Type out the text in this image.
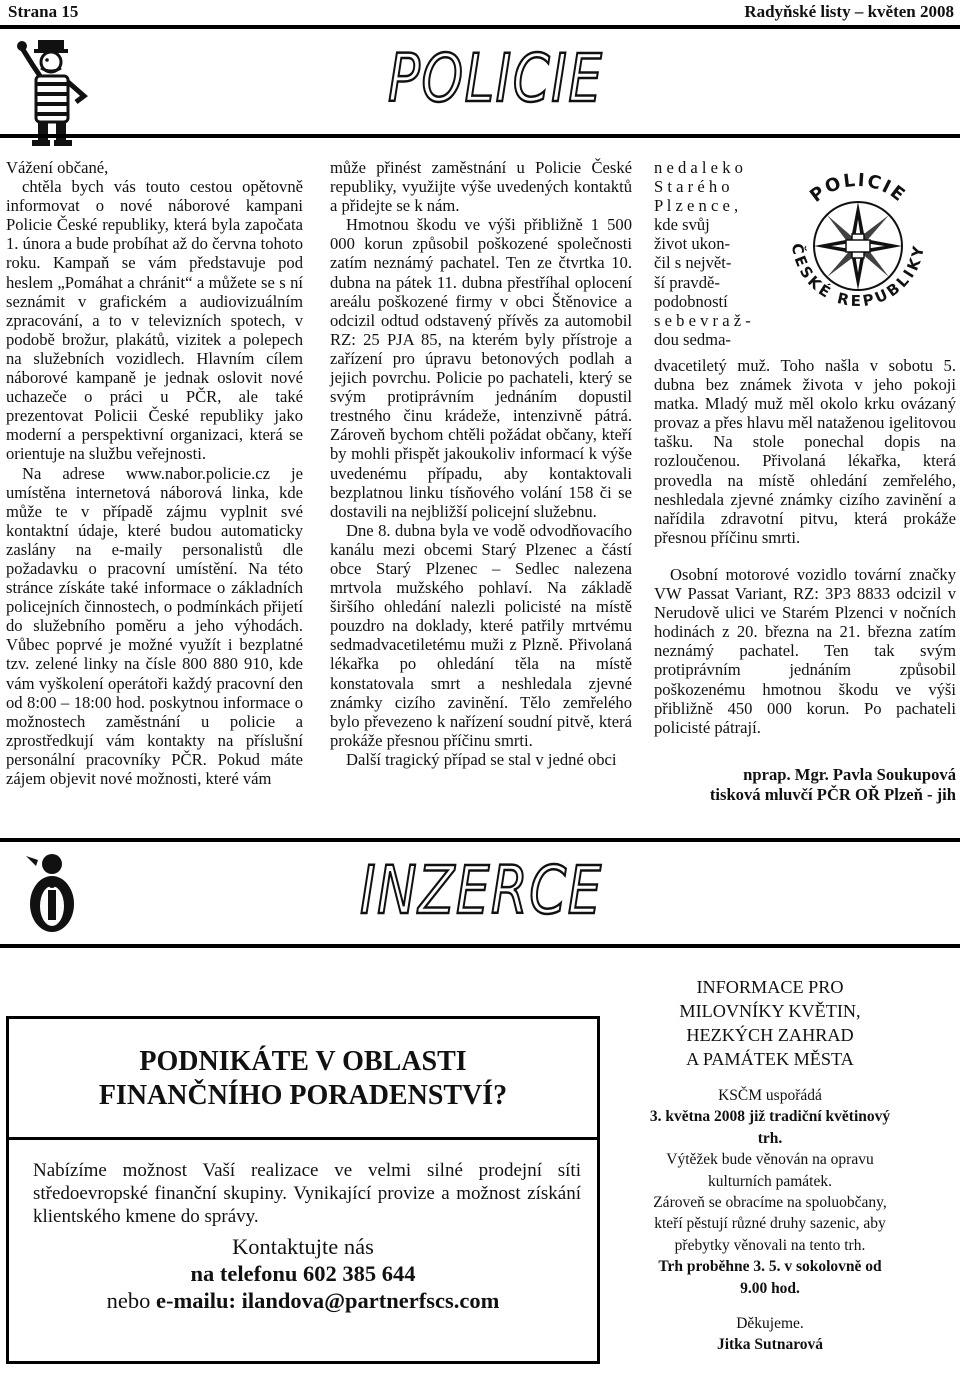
Strana 15	Radyňské listy – květen 2008
POLICIE

Vážení občané,

chtěla bych vás touto cestou opětovně informovat o nové náborové kampani Policie České republiky, která byla započata 1. února a bude probíhat až do června tohoto roku. Kampaň se vám představuje pod heslem „Pomáhat a chránit“ a můžete se s ní seznámit v grafickém a audiovizuálním zpracování, a to v televizních spotech, v podobě brožur, plakátů, vizitek a polepech na služebních vozidlech. Hlavním cílem náborové kampaně je jednak oslovit nové uchazeče o práci u PČR, ale také prezentovat Policii České republiky jako moderní a perspektivní organizaci, která se orientuje na službu veřejnosti.

Na adrese www.nabor.policie.cz je umístěna internetová náborová linka, kde může te v případě zájmu vyplnit své kontaktní údaje, které budou automaticky zaslány na e-maily personalistů dle požadavku o pracovní umístění. Na této stránce získáte také informace o základních policejních činnostech, o podmínkách přijetí do služebního poměru a jeho výhodách. Vůbec poprvé je možné využít i bezplatné tzv. zelené linky na čísle 800 880 910, kde vám vyškolení operátoři každý pracovní den od 8:00 – 18:00 hod. poskytnou informace o možnostech zaměstnání u policie a zprostředkují vám kontakty na příslušní personální pracovníky PČR. Pokud máte zájem objevit nové možnosti, které vám

může přinést zaměstnání u Policie České republiky, využijte výše uvedených kontaktů a přidejte se k nám.

Hmotnou škodu ve výši přibližně 1 500 000 korun způsobil poškozené společnosti zatím neznámý pachatel. Ten ze čtvrtka 10. dubna na pátek 11. dubna přestříhal oplocení areálu poškozené firmy v obci Štěnovice a odcizil odtud odstavený přívěs za automobil RZ: 25 PJA 85, na kterém byly přístroje a zařízení pro úpravu betonových podlah a jejich povrchu. Policie po pachateli, který se svým protiprávním jednáním dopustil trestného činu krádeže, intenzivně pátrá. Zároveň bychom chtěli požádat občany, kteří by mohli přispět jakoukoliv informací k výše uvedenému případu, aby kontaktovali bezplatnou linku tísňového volání 158 či se dostavili na nejbližší policejní služebnu.

Dne 8. dubna byla ve vodě odvodňovacího kanálu mezi obcemi Starý Plzenec a částí obce Starý Plzenec – Sedlec nalezena mrtvola mužského pohlaví. Na základě širšího ohledání nalezli policisté na místě pouzdro na doklady, které patřily mrtvému sedmadvacetiletému muži z Plzně. Přivolaná lékařka po ohledání těla na místě konstatovala smrt a neshledala zjevné známky cizího zavinění. Tělo zemřelého bylo převezeno k nařízení soudní pitvě, která prokáže přesnou příčinu smrti.

Další tragický případ se stal v jedné obci

n e d a l e k o
S t a r é h o
P l z e n c e ,
kde svůj
život ukon-
čil s největ-
ší pravdě-
podobností
s e b e v r a ž -
dou sedma-
POLICIE
ČESKÉ REPUBLIKY

dvacetiletý muž. Toho našla v sobotu 5. dubna bez známek života v jeho pokoji matka. Mladý muž měl okolo krku ovázaný provaz a přes hlavu měl nataženou igelitovou tašku. Na stole ponechal dopis na rozloučenou. Přivolaná lékařka, která provedla na místě ohledání zemřelého, neshledala zjevné známky cizího zavinění a nařídila zdravotní pitvu, která prokáže přesnou příčinu smrti.

Osobní motorové vozidlo tovární značky VW Passat Variant, RZ: 3P3 8833 odcizil v Nerudově ulici ve Starém Plzenci v nočních hodinách z 20. března na 21. března zatím neznámý pachatel. Ten tak svým protiprávním jednáním způsobil poškozenému hmotnou škodu ve výši přibližně 450 000 korun. Po pachateli policisté pátrají.

nprap. Mgr. Pavla Soukupová
tisková mluvčí PČR OŘ Plzeň - jih
INZERCE
PODNIKÁTE V OBLASTI
FINANČNÍHO PORADENSTVÍ?
Nabízíme možnost Vaší realizace ve velmi silné prodejní síti středoevropské finanční skupiny. Vynikající provize a možnost získání klientského kmene do správy.
Kontaktujte nás
na telefonu 602 385 644
nebo e-mailu: ilandova@partnerfscs.com
INFORMACE PRO
MILOVNÍKY KVĚTIN,
HEZKÝCH ZAHRAD
A PAMÁTEK MĚSTA
KSČM uspořádá
3. května 2008 již tradiční květinový trh.
Výtěžek bude věnován na opravu kulturních památek.
Zároveň se obracíme na spoluobčany, kteří pěstují různé druhy sazenic, aby přebytky věnovali na tento trh.
Trh proběhne 3. 5. v sokolovně od 9.00 hod.
Děkujeme.
Jitka Sutnarová
